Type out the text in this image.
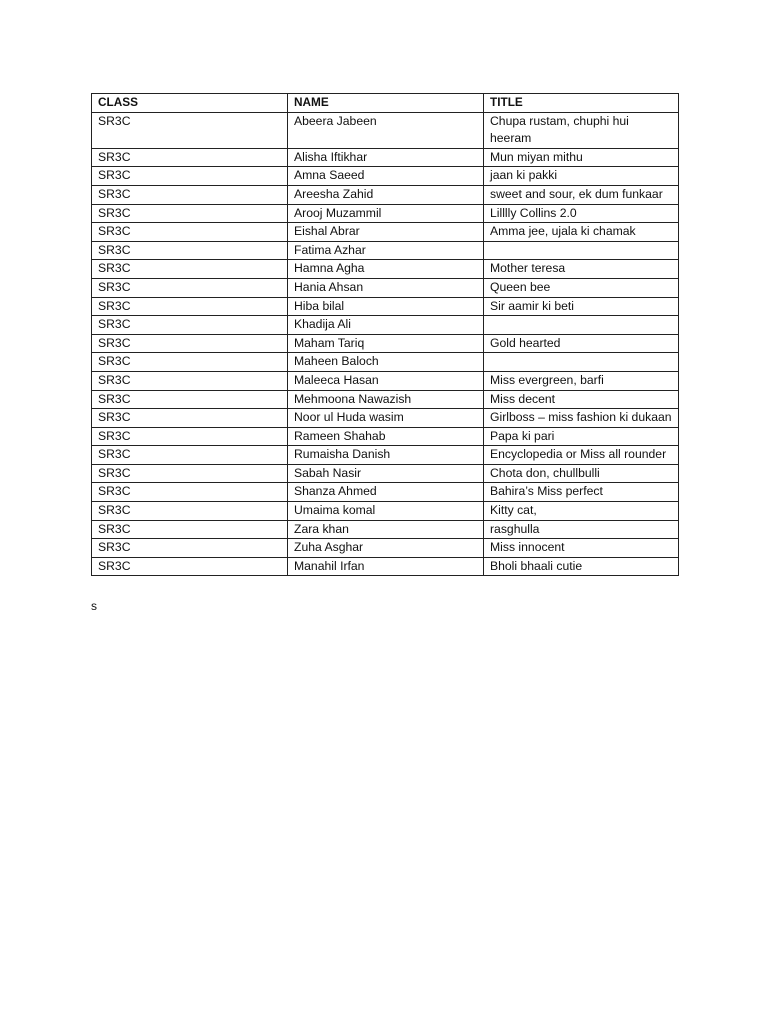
CLASS	NAME	TITLE
SR3C	Abeera Jabeen	Chupa rustam, chuphi hui heeram
SR3C	Alisha Iftikhar	Mun miyan mithu
SR3C	Amna Saeed	jaan ki pakki
SR3C	Areesha Zahid	sweet and sour, ek dum funkaar
SR3C	Arooj Muzammil	Lilllly Collins 2.0
SR3C	Eishal Abrar	Amma jee, ujala ki chamak
SR3C	Fatima Azhar	
SR3C	Hamna Agha	Mother teresa
SR3C	Hania Ahsan	Queen bee
SR3C	Hiba bilal	Sir aamir ki beti
SR3C	Khadija Ali	
SR3C	Maham Tariq	Gold hearted
SR3C	Maheen Baloch	
SR3C	Maleeca Hasan	Miss evergreen, barfi
SR3C	Mehmoona Nawazish	Miss decent
SR3C	Noor ul Huda wasim	Girlboss – miss fashion ki dukaan
SR3C	Rameen Shahab	Papa ki pari
SR3C	Rumaisha Danish	Encyclopedia or Miss all rounder
SR3C	Sabah Nasir	Chota don, chullbulli
SR3C	Shanza Ahmed	Bahira’s Miss perfect
SR3C	Umaima komal	Kitty cat,
SR3C	Zara khan	rasghulla
SR3C	Zuha Asghar	Miss innocent
SR3C	Manahil Irfan	Bholi bhaali cutie
s
